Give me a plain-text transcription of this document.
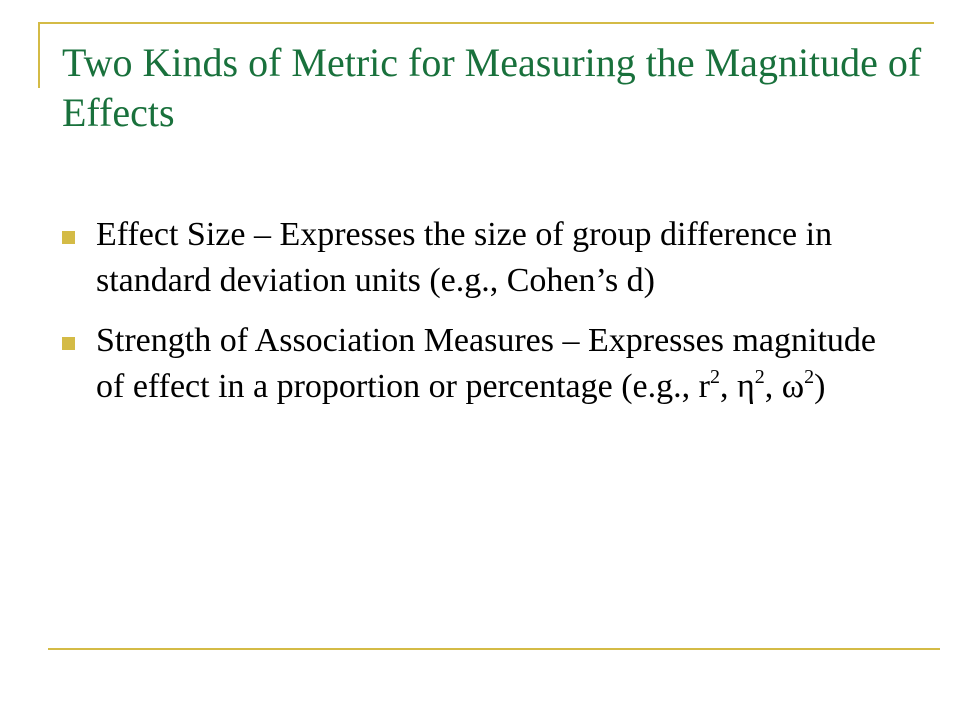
Two Kinds of Metric for Measuring the Magnitude of Effects
Effect Size – Expresses the size of group difference in standard deviation units (e.g., Cohen’s d)
Strength of Association Measures – Expresses magnitude of effect in a proportion or percentage (e.g., $r^2$, $\eta^2$, $\omega^2$)
